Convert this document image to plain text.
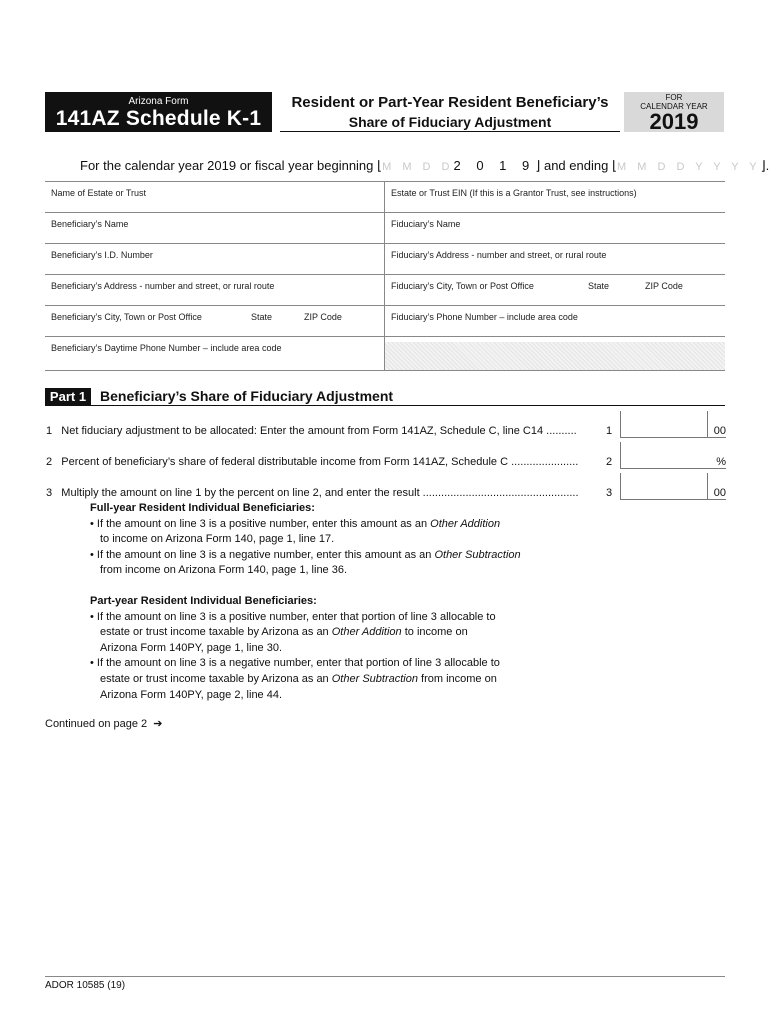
Arizona Form
141AZ Schedule K-1
Resident or Part-Year Resident Beneficiary’s
Share of Fiduciary Adjustment
FOR
CALENDAR YEAR
2019
For the calendar year 2019 or fiscal year beginning ⌊M M D D2 0 1 9⌋ and ending ⌊M M D D Y Y Y Y⌋.
Name of Estate or Trust	Estate or Trust EIN (If this is a Grantor Trust, see instructions)
Beneficiary’s Name	Fiduciary’s Name
Beneficiary’s I.D. Number	Fiduciary’s Address - number and street, or rural route
Beneficiary’s Address - number and street, or rural route	Fiduciary’s City, Town or Post Office	State	ZIP Code
Beneficiary’s City, Town or Post Office	State	ZIP Code	Fiduciary’s Phone Number – include area code
Beneficiary’s Daytime Phone Number – include area code
Part 1 Beneficiary’s Share of Fiduciary Adjustment
1 Net fiduciary adjustment to be allocated: Enter the amount from Form 141AZ, Schedule C, line C14 ..........	1	00
2 Percent of beneficiary’s share of federal distributable income from Form 141AZ, Schedule C ......................	2	%
3 Multiply the amount on line 1 by the percent on line 2, and enter the result ................................................... 3	00
Full-year Resident Individual Beneficiaries:
• If the amount on line 3 is a positive number, enter this amount as an Other Addition
to income on Arizona Form 140, page 1, line 17.
• If the amount on line 3 is a negative number, enter this amount as an Other Subtraction
from income on Arizona Form 140, page 1, line 36.
Part-year Resident Individual Beneficiaries:
• If the amount on line 3 is a positive number, enter that portion of line 3 allocable to
estate or trust income taxable by Arizona as an Other Addition to income on
Arizona Form 140PY, page 1, line 30.
• If the amount on line 3 is a negative number, enter that portion of line 3 allocable to
estate or trust income taxable by Arizona as an Other Subtraction from income on
Arizona Form 140PY, page 2, line 44.
Continued on page 2 ➔
ADOR 10585 (19)
